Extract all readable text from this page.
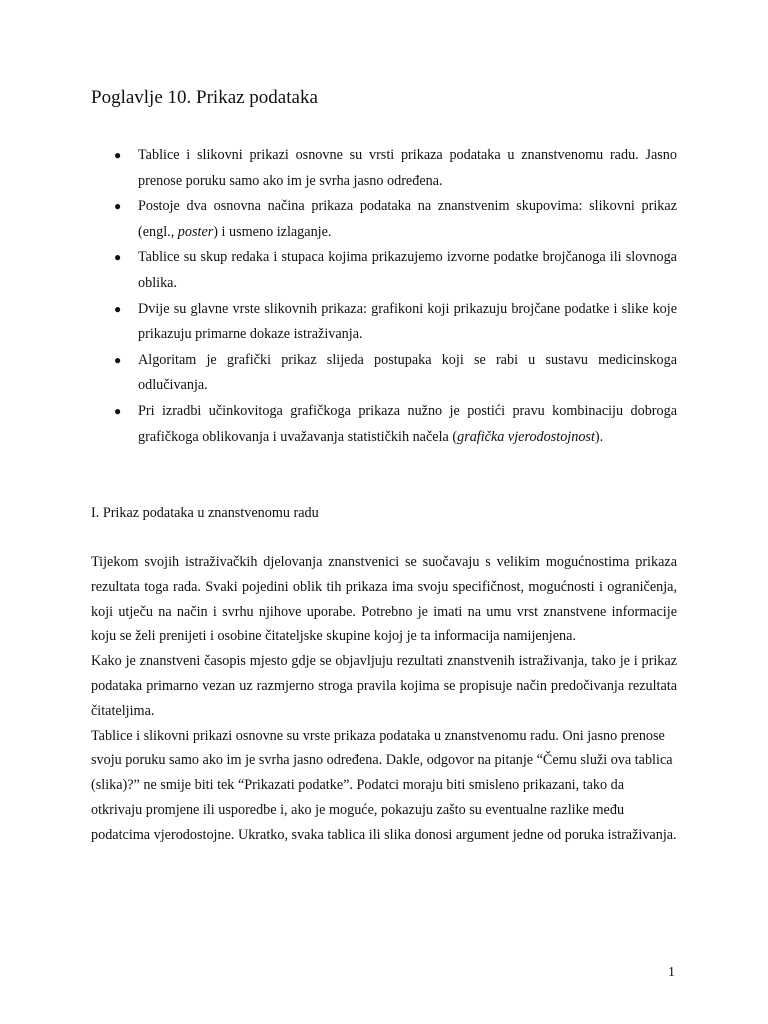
Poglavlje 10. Prikaz podataka
● Tablice i slikovni prikazi osnovne su vrsti prikaza podataka u znanstvenomu radu. Jasno prenose poruku samo ako im je svrha jasno određena.
● Postoje dva osnovna načina prikaza podataka na znanstvenim skupovima: slikovni prikaz (engl., poster) i usmeno izlaganje.
● Tablice su skup redaka i stupaca kojima prikazujemo izvorne podatke brojčanoga ili slovnoga oblika.
● Dvije su glavne vrste slikovnih prikaza: grafikoni koji prikazuju brojčane podatke i slike koje prikazuju primarne dokaze istraživanja.
● Algoritam je grafički prikaz slijeda postupaka koji se rabi u sustavu medicinskoga odlučivanja.
● Pri izradbi učinkovitoga grafičkoga prikaza nužno je postići pravu kombinaciju dobroga grafičkoga oblikovanja i uvažavanja statističkih načela (grafička vjerodostojnost).
I. Prikaz podataka u znanstvenomu radu

Tijekom svojih istraživačkih djelovanja znanstvenici se suočavaju s velikim mogućnostima prikaza rezultata toga rada. Svaki pojedini oblik tih prikaza ima svoju specifičnost, mogućnosti i ograničenja, koji utječu na način i svrhu njihove uporabe. Potrebno je imati na umu vrst znanstvene informacije koju se želi prenijeti i osobine čitateljske skupine kojoj je ta informacija namijenjena.

Kako je znanstveni časopis mjesto gdje se objavljuju rezultati znanstvenih istraživanja, tako je i prikaz podataka primarno vezan uz razmjerno stroga pravila kojima se propisuje način predočivanja rezultata čitateljima.

Tablice i slikovni prikazi osnovne su vrste prikaza podataka u znanstvenomu radu. Oni jasno prenose svoju poruku samo ako im je svrha jasno određena. Dakle, odgovor na pitanje “Čemu služi ova tablica (slika)?” ne smije biti tek “Prikazati podatke”. Podatci moraju biti smisleno prikazani, tako da otkrivaju promjene ili usporedbe i, ako je moguće, pokazuju zašto su eventualne razlike među podatcima vjerodostojne. Ukratko, svaka tablica ili slika donosi argument jedne od poruka istraživanja.

1
